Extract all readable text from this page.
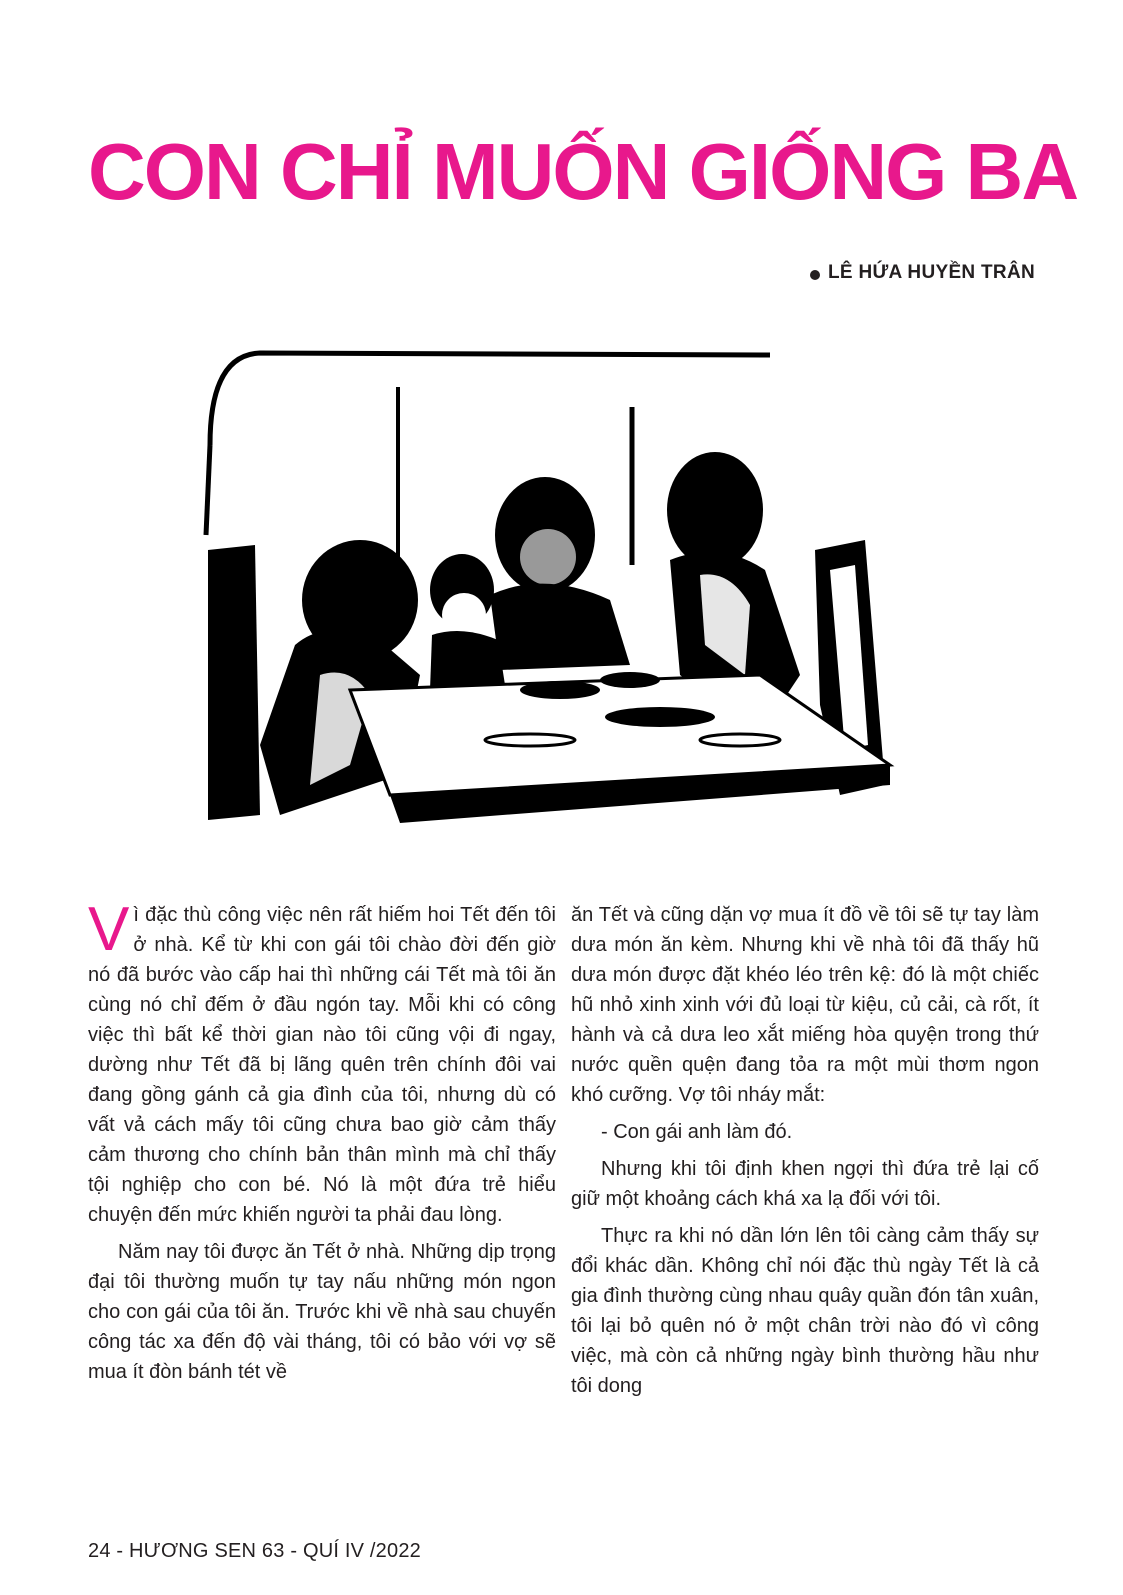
CON CHỈ MUỐN GIỐNG BA
LÊ HỨA HUYỀN TRÂN

Vì đặc thù công việc nên rất hiếm hoi Tết đến tôi ở nhà. Kể từ khi con gái tôi chào đời đến giờ nó đã bước vào cấp hai thì những cái Tết mà tôi ăn cùng nó chỉ đếm ở đầu ngón tay. Mỗi khi có công việc thì bất kể thời gian nào tôi cũng vội đi ngay, dường như Tết đã bị lãng quên trên chính đôi vai đang gồng gánh cả gia đình của tôi, nhưng dù có vất vả cách mấy tôi cũng chưa bao giờ cảm thấy cảm thương cho chính bản thân mình mà chỉ thấy tội nghiệp cho con bé. Nó là một đứa trẻ hiểu chuyện đến mức khiến người ta phải đau lòng.

Năm nay tôi được ăn Tết ở nhà. Những dịp trọng đại tôi thường muốn tự tay nấu những món ngon cho con gái của tôi ăn. Trước khi về nhà sau chuyến công tác xa đến độ vài tháng, tôi có bảo với vợ sẽ mua ít đòn bánh tét về

ăn Tết và cũng dặn vợ mua ít đồ về tôi sẽ tự tay làm dưa món ăn kèm. Nhưng khi về nhà tôi đã thấy hũ dưa món được đặt khéo léo trên kệ: đó là một chiếc hũ nhỏ xinh xinh với đủ loại từ kiệu, củ cải, cà rốt, ít hành và cả dưa leo xắt miếng hòa quyện trong thứ nước quền quện đang tỏa ra một mùi thơm ngon khó cưỡng. Vợ tôi nháy mắt:

- Con gái anh làm đó.

Nhưng khi tôi định khen ngợi thì đứa trẻ lại cố giữ một khoảng cách khá xa lạ đối với tôi.

Thực ra khi nó dần lớn lên tôi càng cảm thấy sự đổi khác dần. Không chỉ nói đặc thù ngày Tết là cả gia đình thường cùng nhau quây quần đón tân xuân, tôi lại bỏ quên nó ở một chân trời nào đó vì công việc, mà còn cả những ngày bình thường hầu như tôi dong

24 - HƯƠNG SEN 63 - QUÍ IV /2022
